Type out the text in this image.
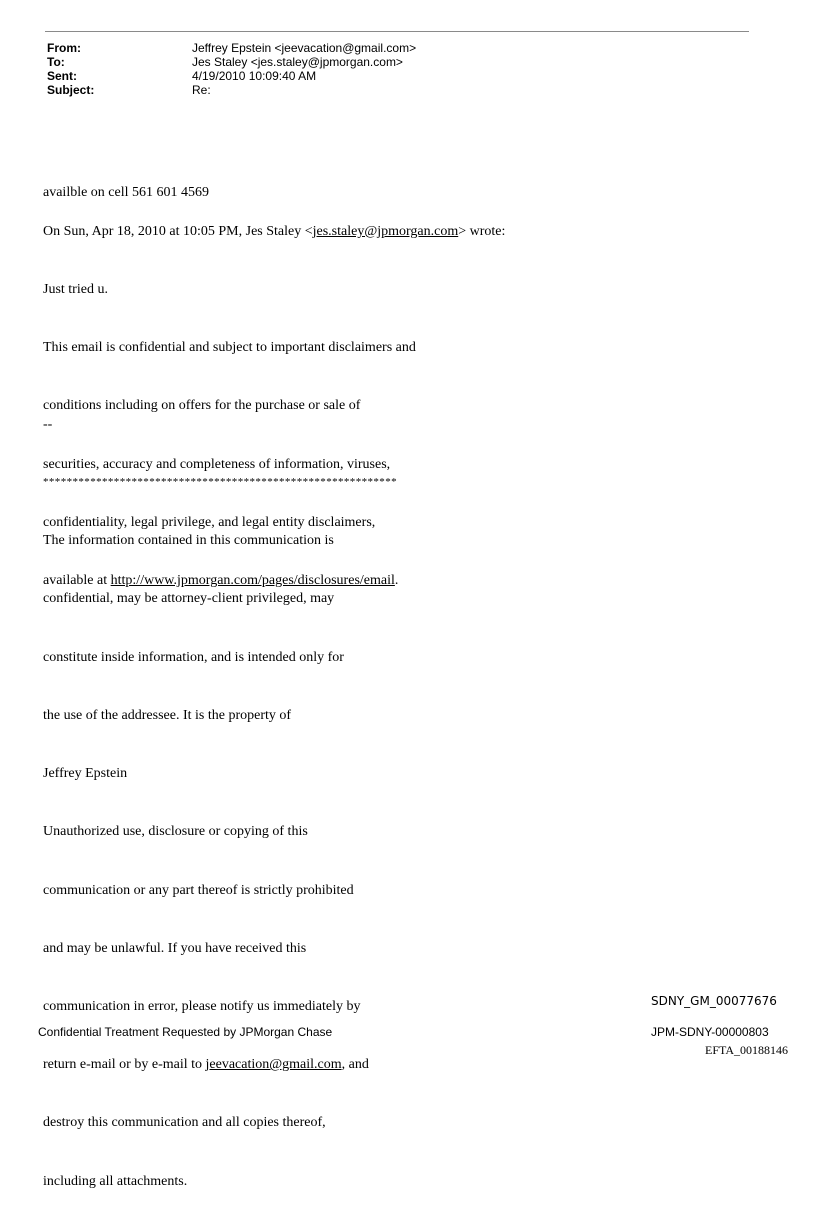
From:	Jeffrey Epstein <jeevacation@gmail.com>
To:	Jes Staley <jes.staley@jpmorgan.com>
Sent:	4/19/2010 10:09:40 AM
Subject:	Re:

availble on cell 561 601 4569

On Sun, Apr 18, 2010 at 10:05 PM, Jes Staley <jes.staley@jpmorgan.com> wrote:

Just tried u.

This email is confidential and subject to important disclaimers and

conditions including on offers for the purchase or sale of

securities, accuracy and completeness of information, viruses,

confidentiality, legal privilege, and legal entity disclaimers,

available at http://www.jpmorgan.com/pages/disclosures/email.

--

************************************************************

The information contained in this communication is

confidential, may be attorney-client privileged, may

constitute inside information, and is intended only for

the use of the addressee. It is the property of

Jeffrey Epstein

Unauthorized use, disclosure or copying of this

communication or any part thereof is strictly prohibited

and may be unlawful. If you have received this

communication in error, please notify us immediately by

return e-mail or by e-mail to jeevacation@gmail.com, and

destroy this communication and all copies thereof,

including all attachments.

SDNY_GM_00077676
Confidential Treatment Requested by JPMorgan Chase	JPM-SDNY-00000803
EFTA_00188146
